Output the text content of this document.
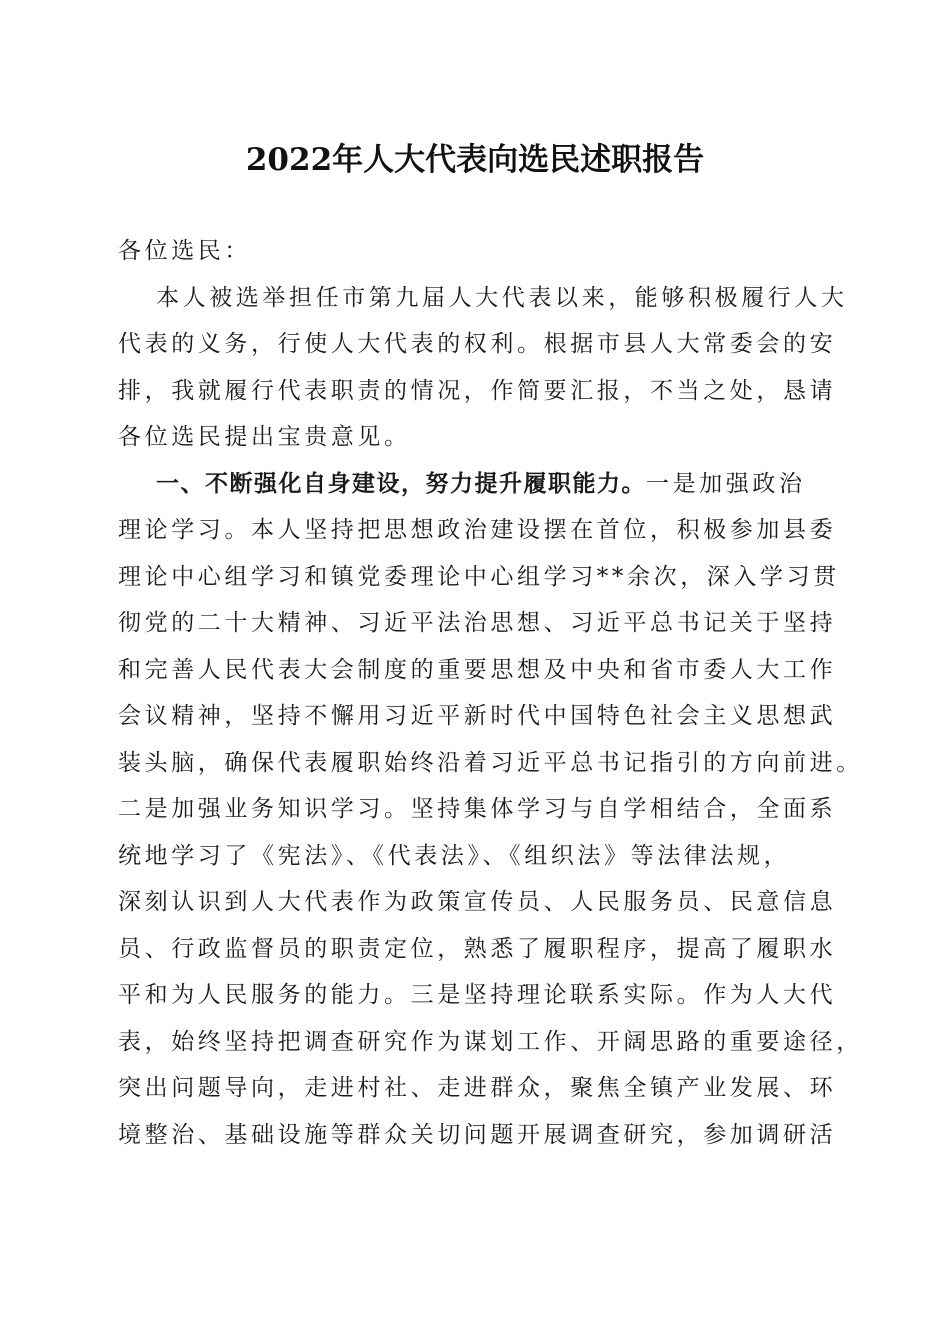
2022年人大代表向选民述职报告
各位选民：
本人被选举担任市第九届人大代表以来，能够积极履行人大
代表的义务，行使人大代表的权利。根据市县人大常委会的安
排，我就履行代表职责的情况，作简要汇报，不当之处，恳请
各位选民提出宝贵意见。
一、不断强化自身建设，努力提升履职能力。一是加强政治
理论学习。本人坚持把思想政治建设摆在首位，积极参加县委
理论中心组学习和镇党委理论中心组学习**余次，深入学习贯
彻党的二十大精神、习近平法治思想、习近平总书记关于坚持
和完善人民代表大会制度的重要思想及中央和省市委人大工作
会议精神，坚持不懈用习近平新时代中国特色社会主义思想武
装头脑，确保代表履职始终沿着习近平总书记指引的方向前进。
二是加强业务知识学习。坚持集体学习与自学相结合，全面系
统地学习了《宪法》、《代表法》、《组织法》等法律法规，
深刻认识到人大代表作为政策宣传员、人民服务员、民意信息
员、行政监督员的职责定位，熟悉了履职程序，提高了履职水
平和为人民服务的能力。三是坚持理论联系实际。作为人大代
表，始终坚持把调查研究作为谋划工作、开阔思路的重要途径，
突出问题导向，走进村社、走进群众，聚焦全镇产业发展、环
境整治、基础设施等群众关切问题开展调查研究，参加调研活
